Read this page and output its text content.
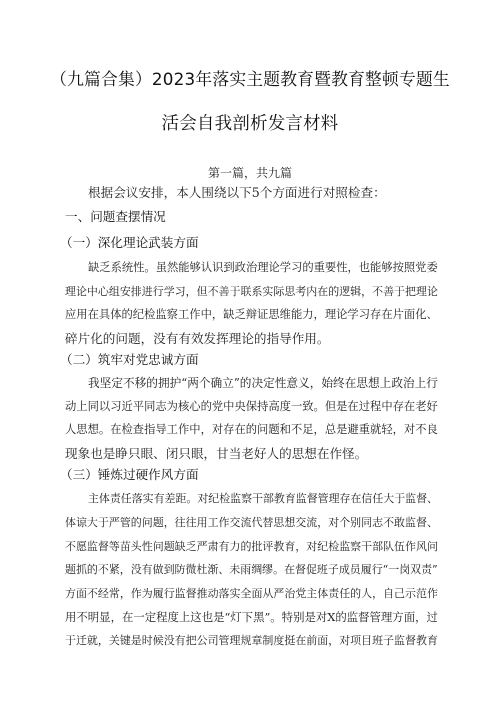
（九篇合集）2023年落实主题教育暨教育整顿专题生
活会自我剖析发言材料
第一篇，共九篇
根据会议安排，本人围绕以下5个方面进行对照检查：
一、问题查摆情况
（一）深化理论武装方面
缺乏系统性。虽然能够认识到政治理论学习的重要性，也能够按照党委
理论中心组安排进行学习，但不善于联系实际思考内在的逻辑，不善于把理论
应用在具体的纪检监察工作中，缺乏辩证思维能力，理论学习存在片面化、
碎片化的问题，没有有效发挥理论的指导作用。
（二）筑牢对党忠诚方面
我坚定不移的拥护“两个确立”的决定性意义，始终在思想上政治上行
动上同以习近平同志为核心的党中央保持高度一致。但是在过程中存在老好
人思想。在检查指导工作中，对存在的问题和不足，总是避重就轻，对不良
现象也是睁只眼、闭只眼，甘当老好人的思想在作怪。
（三）锤炼过硬作风方面
主体责任落实有差距。对纪检监察干部教育监督管理存在信任大于监督、
体谅大于严管的问题，往往用工作交流代替思想交流，对个别同志不敢监督、
不愿监督等苗头性问题缺乏严肃有力的批评教育，对纪检监察干部队伍作风问
题抓的不紧，没有做到防微杜渐、未雨绸缪。在督促班子成员履行“一岗双责”
方面不经常，作为履行监督推动落实全面从严治党主体责任的人，自己示范作
用不明显，在一定程度上这也是“灯下黑”。特别是对X的监督管理方面，过
于迁就，关键是时候没有把公司管理规章制度挺在前面，对项目班子监督教育
